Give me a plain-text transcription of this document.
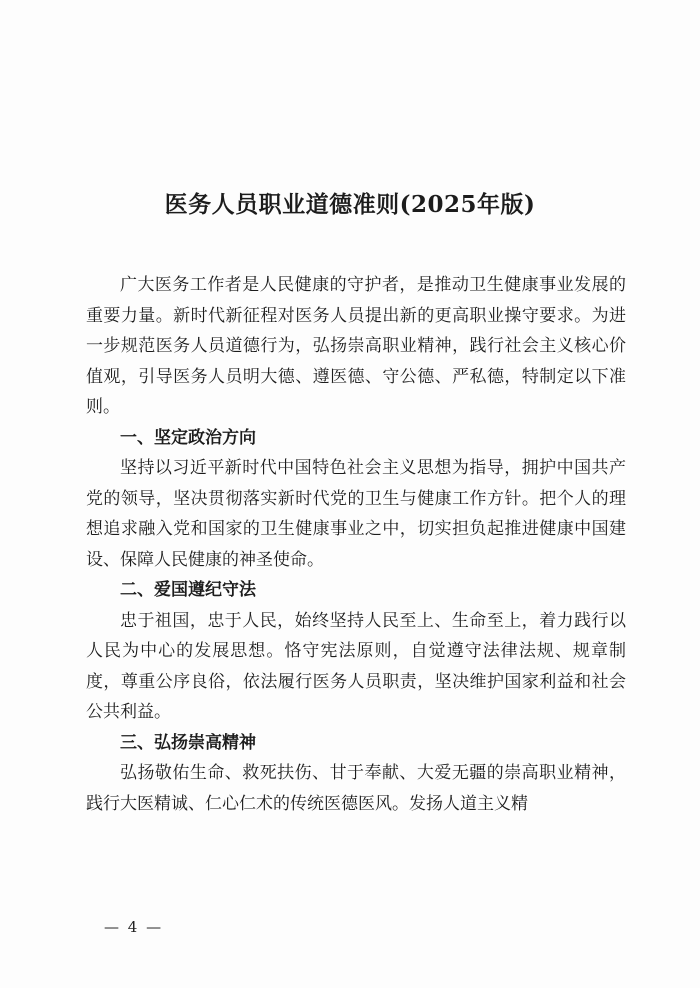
医务人员职业道德准则(2025年版)

广大医务工作者是人民健康的守护者，是推动卫生健康事业发展的重要力量。新时代新征程对医务人员提出新的更高职业操守要求。为进一步规范医务人员道德行为，弘扬崇高职业精神，践行社会主义核心价值观，引导医务人员明大德、遵医德、守公德、严私德，特制定以下准则。

一、坚定政治方向

坚持以习近平新时代中国特色社会主义思想为指导，拥护中国共产党的领导，坚决贯彻落实新时代党的卫生与健康工作方针。把个人的理想追求融入党和国家的卫生健康事业之中，切实担负起推进健康中国建设、保障人民健康的神圣使命。

二、爱国遵纪守法

忠于祖国，忠于人民，始终坚持人民至上、生命至上，着力践行以人民为中心的发展思想。恪守宪法原则，自觉遵守法律法规、规章制度，尊重公序良俗，依法履行医务人员职责，坚决维护国家利益和社会公共利益。

三、弘扬崇高精神

弘扬敬佑生命、救死扶伤、甘于奉献、大爱无疆的崇高职业精神，践行大医精诚、仁心仁术的传统医德医风。发扬人道主义精

— 4 —
